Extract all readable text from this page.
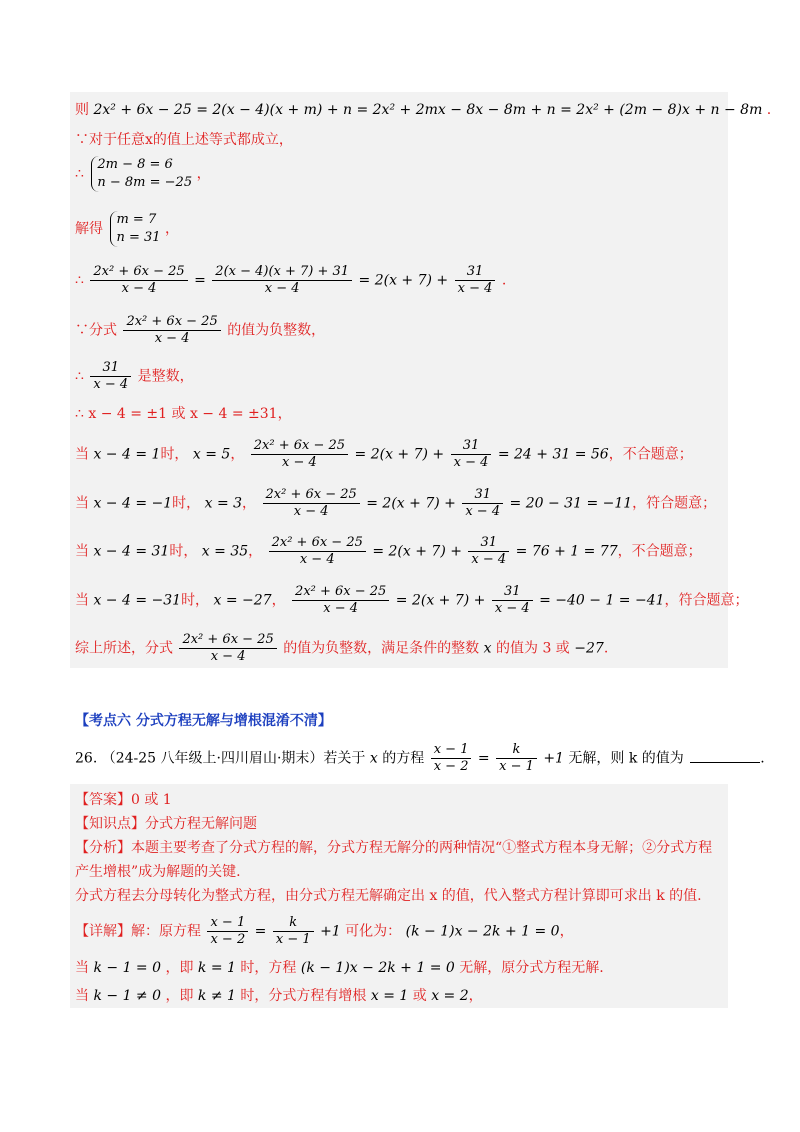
则 2x² + 6x − 25 = 2(x − 4)(x + m) + n = 2x² + 2mx − 8x − 8m + n = 2x² + (2m − 8)x + n − 8m .
∵对于任意x的值上述等式都成立，
∴
2m − 8 = 6
n − 8m = −25
，
解得
m = 7
n = 31
，
∴ $\frac{\text{2x² + 6x − 25}}{x - 4} = \frac{2(x - 4)(x + 7) + 31}{x - 4} = 2(x + 7) + \frac{31}{x - 4}$ .
∵分式 $\frac{\text{2x² + 6x − 25}}{x - 4}$ 的值为负整数，
∴ $\frac{31}{x - 4}$ 是整数，
∴ x − 4 = ±1 或 x − 4 = ±31，
当 x − 4 = 1时， x = 5， $\frac{\text{2x² + 6x − 25}}{x - 4} = 2(x + 7) + \frac{31}{x - 4} = 24 + 31 = 56$，不合题意；
当 x − 4 = −1时， x = 3， $\frac{\text{2x² + 6x − 25}}{x - 4} = 2(x + 7) + \frac{31}{x - 4} = 20 - 31 = -11$，符合题意；
当 x − 4 = 31时， x = 35， $\frac{\text{2x² + 6x − 25}}{x - 4} = 2(x + 7) + \frac{31}{x - 4} = 76 + 1 = 77$，不合题意；
当 x − 4 = −31时， x = −27， $\frac{\text{2x² + 6x − 25}}{x - 4} = 2(x + 7) + \frac{31}{x - 4} = -40 - 1 = -41$，符合题意；
综上所述，分式 $\frac{\text{2x² + 6x − 25}}{x - 4}$ 的值为负整数，满足条件的整数 x 的值为 3 或 −27.
【考点六 分式方程无解与增根混淆不清】
26. （24-25 八年级上·四川眉山·期末）若关于 x 的方程 $\frac{x - 1}{x - 2} = \frac{k}{x - 1} +1$ 无解，则 k 的值为	.
【答案】0 或 1
【知识点】分式方程无解问题
【分析】本题主要考查了分式方程的解，分式方程无解分的两种情况“①整式方程本身无解；②分式方程
产生增根”成为解题的关键.
分式方程去分母转化为整式方程，由分式方程无解确定出 x 的值，代入整式方程计算即可求出 k 的值.
【详解】解：原方程 $\frac{x - 1}{x - 2} = \frac{k}{x - 1} +1$ 可化为： (k − 1)x − 2k + 1 = 0，
当 k − 1 = 0 ，即 k = 1 时，方程 (k − 1)x − 2k + 1 = 0 无解，原分式方程无解.
当 k − 1 ≠ 0 ，即 k ≠ 1 时，分式方程有增根 x = 1 或 x = 2，
